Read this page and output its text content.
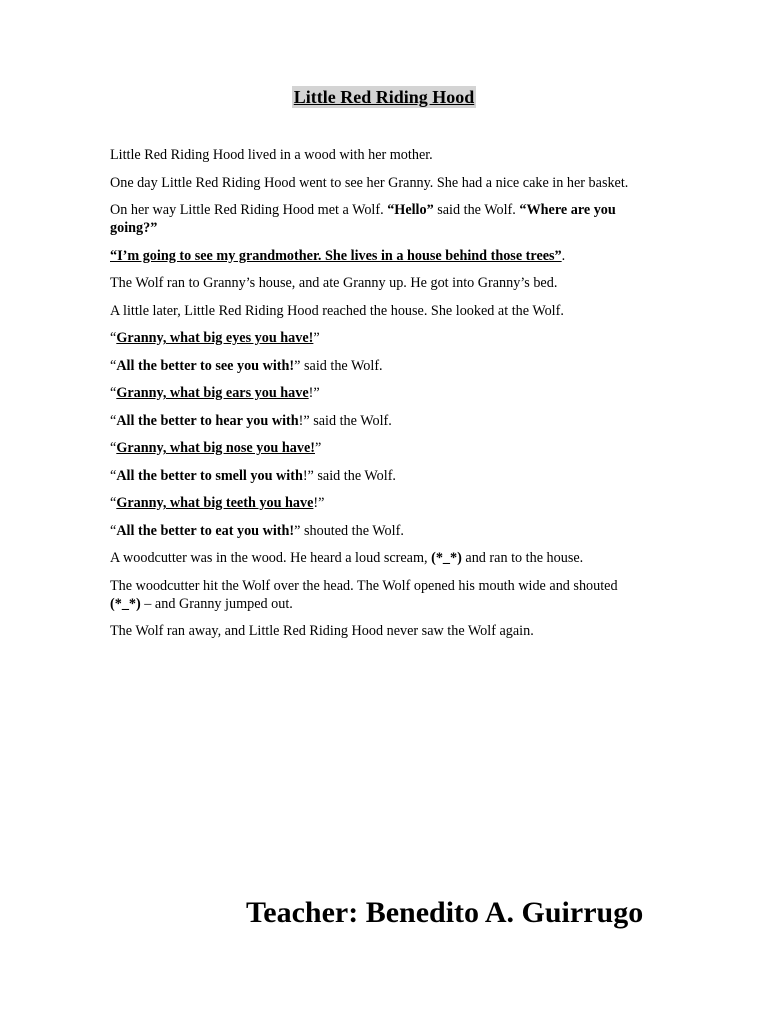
Little Red Riding Hood

Little Red Riding Hood lived in a wood with her mother.

One day Little Red Riding Hood went to see her Granny. She had a nice cake in her basket.

On her way Little Red Riding Hood met a Wolf. “Hello” said the Wolf. “Where are you going?”

“I’m going to see my grandmother. She lives in a house behind those trees”.

The Wolf ran to Granny’s house, and ate Granny up. He got into Granny’s bed.

A little later, Little Red Riding Hood reached the house. She looked at the Wolf.

“Granny, what big eyes you have!”

“All the better to see you with!” said the Wolf.

“Granny, what big ears you have!”

“All the better to hear you with!” said the Wolf.

“Granny, what big nose you have!”

“All the better to smell you with!” said the Wolf.

“Granny, what big teeth you have!”

“All the better to eat you with!” shouted the Wolf.

A woodcutter was in the wood. He heard a loud scream, (*_*) and ran to the house.

The woodcutter hit the Wolf over the head. The Wolf opened his mouth wide and shouted (*_*) – and Granny jumped out.

The Wolf ran away, and Little Red Riding Hood never saw the Wolf again.

Teacher: Benedito A. Guirrugo
